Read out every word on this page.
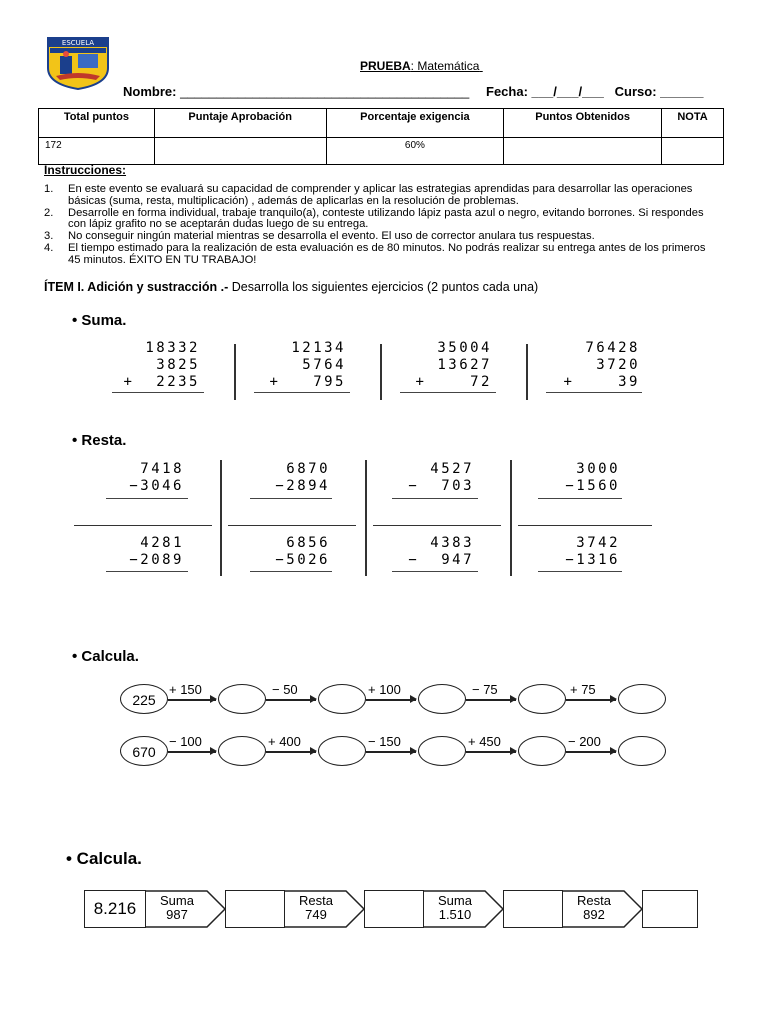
ESCUELA
PRUEBA: Matemática
Nombre: ________________________________________ Fecha: ___/___/___ Curso: ______
Total puntos	Puntaje Aprobación	Porcentaje exigencia	Puntos Obtenidos	NOTA
172		60%		
Instrucciones:
1. En este evento se evaluará su capacidad de comprender y aplicar las estrategias aprendidas para desarrollar las operaciones básicas (suma, resta, multiplicación) , además de aplicarlas en la resolución de problemas.
2. Desarrolle en forma individual, trabaje tranquilo(a), conteste utilizando lápiz pasta azul o negro, evitando borrones. Si respondes con lápiz grafito no se aceptarán dudas luego de su entrega.
3. No conseguir ningún material mientras se desarrolla el evento. El uso de corrector anulara tus respuestas.
4. El tiempo estimado para la realización de esta evaluación es de 80 minutos. No podrás realizar su entrega antes de los primeros 45 minutos. ÉXITO EN TU TRABAJO!
ÍTEM I. Adición y sustracción .- Desarrolla los siguientes ejercicios (2 puntos cada una)
• Suma.
18332
3825
+  2235
12134
5764
+   795
35004
13627
+    72
76428
3720
+    39
• Resta.
7418
−3046
6870
−2894
4527
−  703
3000
−1560
4281
−2089
6856
−5026
4383
−  947
3742
−1316
• Calcula.
225
+ 150	− 50	+ 100	− 75	+ 75
670
− 100	+ 400	− 150	+ 450	− 200
• Calcula.
8.216	Suma
987
Resta
749
Suma
1.510
Resta
892
